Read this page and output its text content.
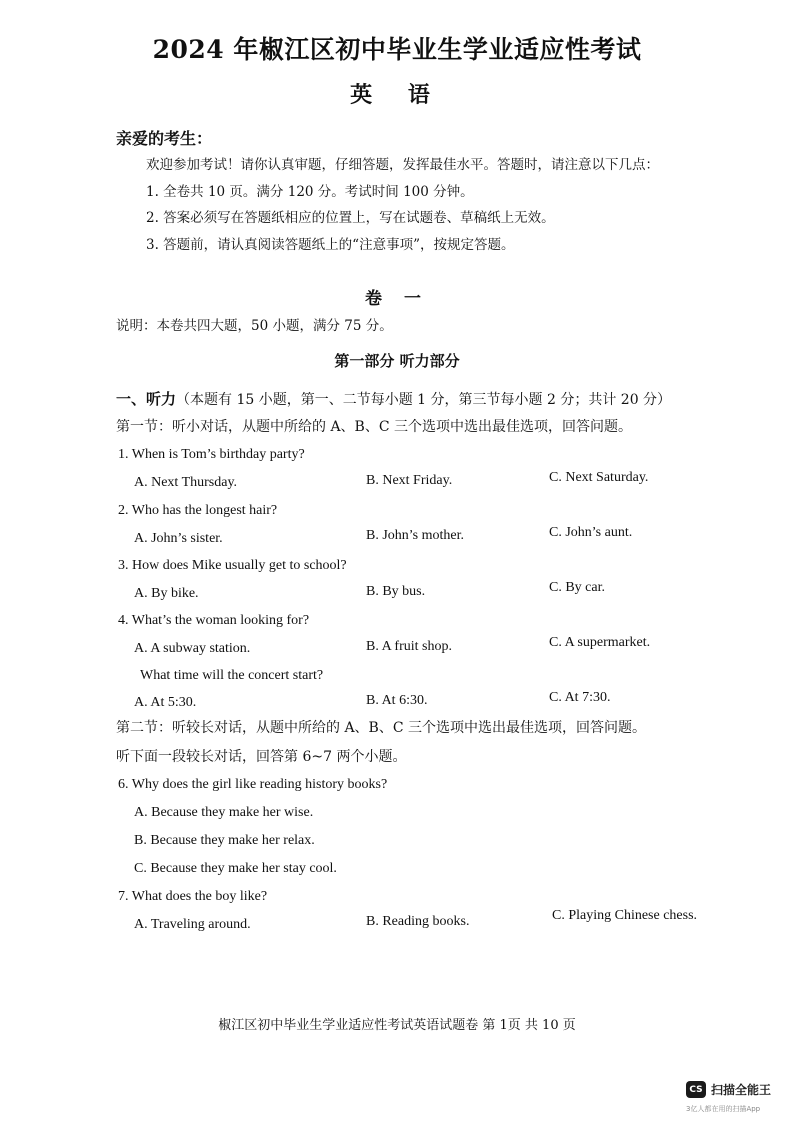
2024 年椒江区初中毕业生学业适应性考试
英 语
亲爱的考生：
欢迎参加考试！请你认真审题，仔细答题，发挥最佳水平。答题时，请注意以下几点：
1. 全卷共 10 页。满分 120 分。考试时间 100 分钟。
2. 答案必须写在答题纸相应的位置上，写在试题卷、草稿纸上无效。
3. 答题前，请认真阅读答题纸上的“注意事项”，按规定答题。
卷 一
说明：本卷共四大题，50 小题，满分 75 分。
第一部分 听力部分
一、听力（本题有 15 小题，第一、二节每小题 1 分，第三节每小题 2 分；共计 20 分）
第一节：听小对话，从题中所给的 A、B、C 三个选项中选出最佳选项，回答问题。
1. When is Tom’s birthday party?
A. Next Thursday.	B. Next Friday.	C. Next Saturday.
2. Who has the longest hair?
A. John’s sister.	B. John’s mother.	C. John’s aunt.
3. How does Mike usually get to school?
A. By bike.	B. By bus.	C. By car.
4. What’s the woman looking for?
A. A subway station.	B. A fruit shop.	C. A supermarket.
What time will the concert start?
A. At 5:30.	B. At 6:30.	C. At 7:30.
第二节：听较长对话，从题中所给的 A、B、C 三个选项中选出最佳选项，回答问题。
听下面一段较长对话，回答第 6~7 两个小题。
6. Why does the girl like reading history books?
A. Because they make her wise.
B. Because they make her relax.
C. Because they make her stay cool.
7. What does the boy like?
A. Traveling around.	B. Reading books.	C. Playing Chinese chess.
椒江区初中毕业生学业适应性考试英语试题卷 第 1页 共 10 页
CS 扫描全能王
3亿人都在用的扫描App
